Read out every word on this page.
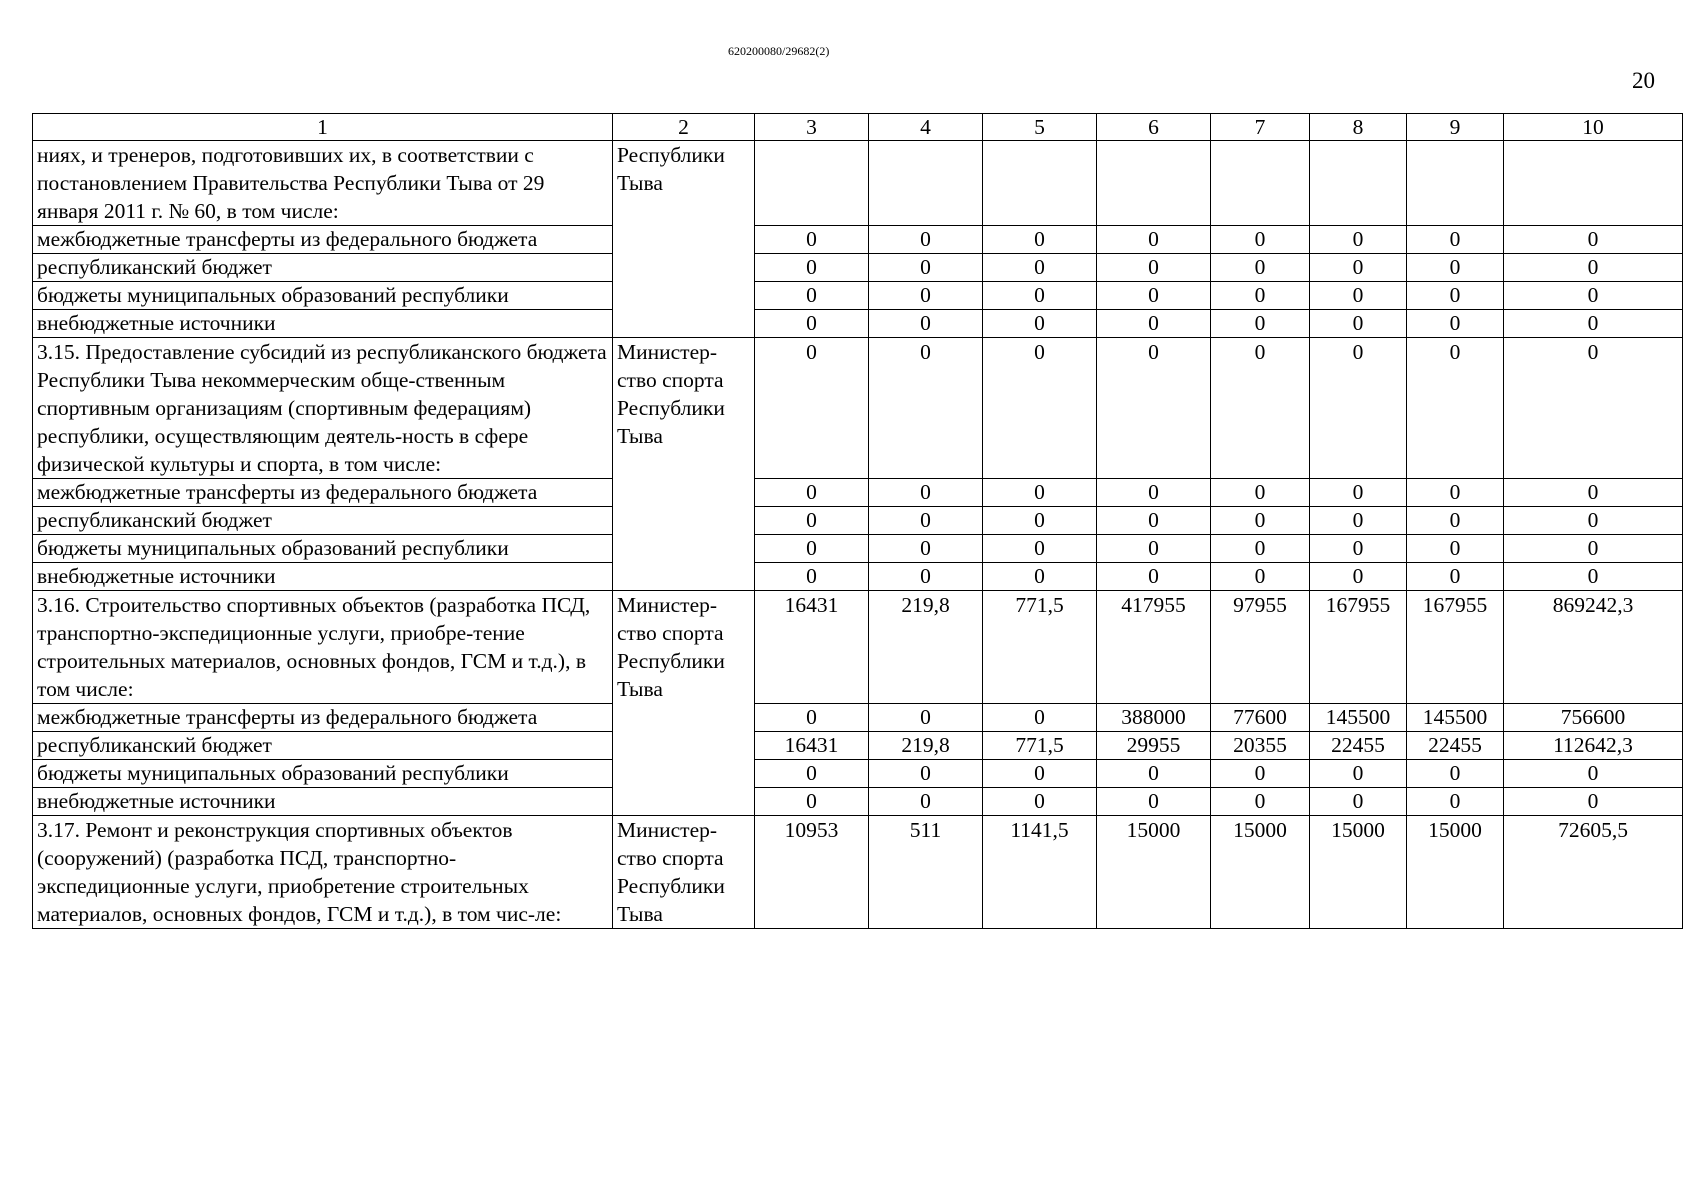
620200080/29682(2)
20
1	2	3	4	5	6	7	8	9	10
ниях, и тренеров, подготовивших их, в соответствии с постановлением Правительства Республики Тыва от 29 января 2011 г. № 60, в том числе:	Республики Тыва								
межбюджетные трансферты из федерального бюджета		0	0	0	0	0	0	0	0
республиканский бюджет		0	0	0	0	0	0	0	0
бюджеты муниципальных образований республики		0	0	0	0	0	0	0	0
внебюджетные источники		0	0	0	0	0	0	0	0
3.15. Предоставление субсидий из республиканского бюджета Республики Тыва некоммерческим обще-ственным спортивным организациям (спортивным федерациям) республики, осуществляющим деятель-ность в сфере физической культуры и спорта, в том числе:	Министер-ство спорта Республики Тыва	0	0	0	0	0	0	0	0
межбюджетные трансферты из федерального бюджета		0	0	0	0	0	0	0	0
республиканский бюджет		0	0	0	0	0	0	0	0
бюджеты муниципальных образований республики		0	0	0	0	0	0	0	0
внебюджетные источники		0	0	0	0	0	0	0	0
3.16. Строительство спортивных объектов (разработка ПСД, транспортно-экспедиционные услуги, приобре-тение строительных материалов, основных фондов, ГСМ и т.д.), в том числе:	Министер-ство спорта Республики Тыва	16431	219,8	771,5	417955	97955	167955	167955	869242,3
межбюджетные трансферты из федерального бюджета		0	0	0	388000	77600	145500	145500	756600
республиканский бюджет		16431	219,8	771,5	29955	20355	22455	22455	112642,3
бюджеты муниципальных образований республики		0	0	0	0	0	0	0	0
внебюджетные источники		0	0	0	0	0	0	0	0
3.17. Ремонт и реконструкция спортивных объектов (сооружений) (разработка ПСД, транспортно-экспедиционные услуги, приобретение строительных материалов, основных фондов, ГСМ и т.д.), в том чис-ле:	Министер-ство спорта Республики Тыва	10953	511	1141,5	15000	15000	15000	15000	72605,5
